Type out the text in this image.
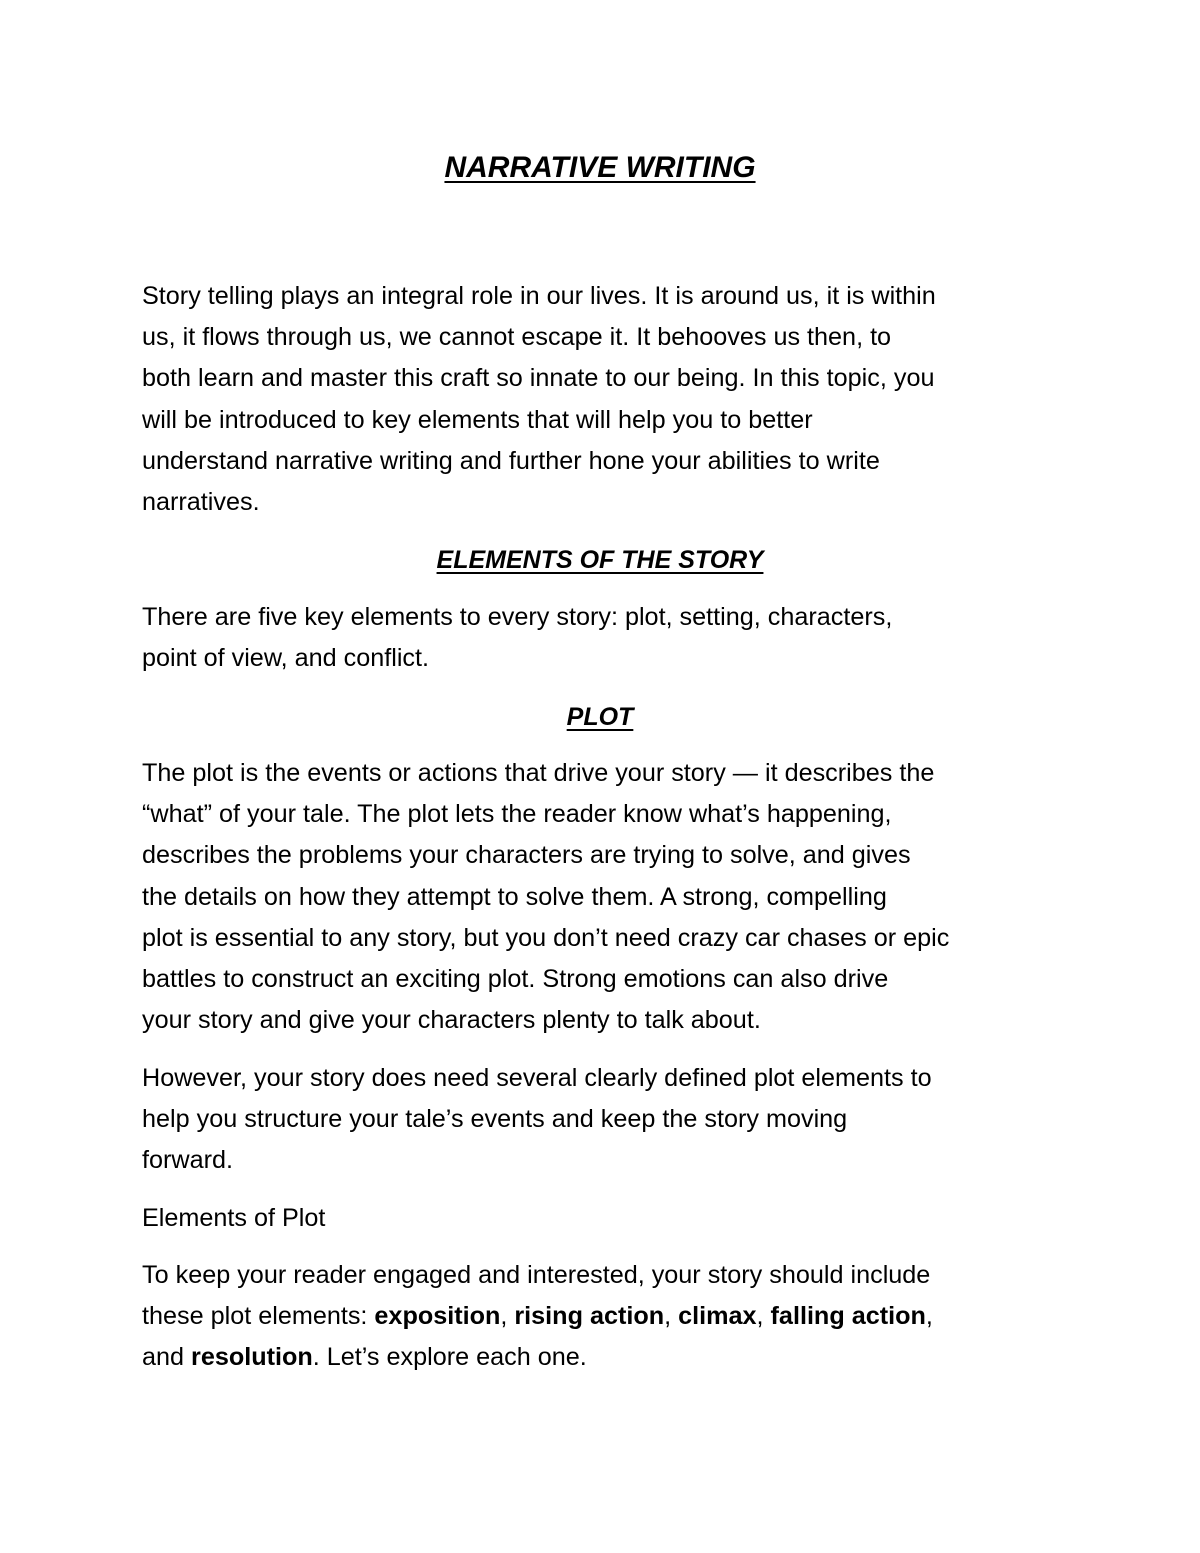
NARRATIVE WRITING
Story telling plays an integral role in our lives. It is around us, it is within
us, it flows through us, we cannot escape it. It behooves us then, to
both learn and master this craft so innate to our being. In this topic, you
will be introduced to key elements that will help you to better
understand narrative writing and further hone your abilities to write
narratives.
ELEMENTS OF THE STORY
There are five key elements to every story: plot, setting, characters,
point of view, and conflict.
PLOT
The plot is the events or actions that drive your story — it describes the
“what” of your tale. The plot lets the reader know what’s happening,
describes the problems your characters are trying to solve, and gives
the details on how they attempt to solve them. A strong, compelling
plot is essential to any story, but you don’t need crazy car chases or epic
battles to construct an exciting plot. Strong emotions can also drive
your story and give your characters plenty to talk about.
However, your story does need several clearly defined plot elements to
help you structure your tale’s events and keep the story moving
forward.
Elements of Plot
To keep your reader engaged and interested, your story should include
these plot elements: exposition, rising action, climax, falling action,
and resolution. Let’s explore each one.
